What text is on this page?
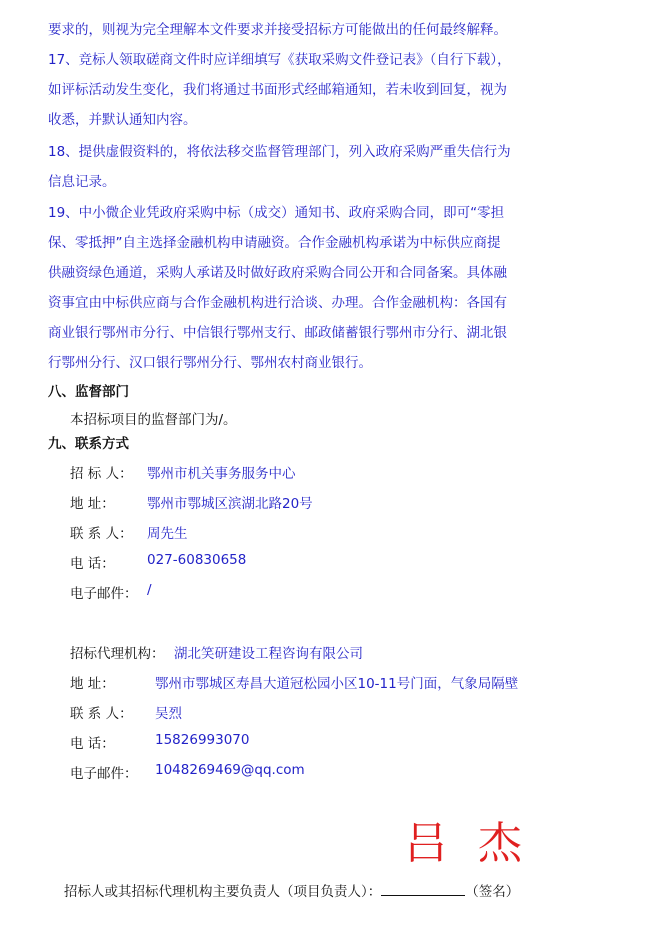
要求的，则视为完全理解本文件要求并接受招标方可能做出的任何最终解释。
17、竞标人领取磋商文件时应详细填写《获取采购文件登记表》（自行下载），
如评标活动发生变化，我们将通过书面形式经邮箱通知，若未收到回复，视为
收悉，并默认通知内容。
18、提供虚假资料的，将依法移交监督管理部门，列入政府采购严重失信行为
信息记录。
19、中小微企业凭政府采购中标（成交）通知书、政府采购合同，即可“零担
保、零抵押”自主选择金融机构申请融资。合作金融机构承诺为中标供应商提
供融资绿色通道，采购人承诺及时做好政府采购合同公开和合同备案。具体融
资事宜由中标供应商与合作金融机构进行洽谈、办理。合作金融机构：各国有
商业银行鄂州市分行、中信银行鄂州支行、邮政储蓄银行鄂州市分行、湖北银
行鄂州分行、汉口银行鄂州分行、鄂州农村商业银行。
八、监督部门
本招标项目的监督部门为/。
九、联系方式
招 标 人： 鄂州市机关事务服务中心
地 址： 鄂州市鄂城区滨湖北路20号
联 系 人： 周先生
电 话： 027-60830658
电子邮件： /
招标代理机构： 湖北笑研建设工程咨询有限公司
地 址：	鄂州市鄂城区寿昌大道冠松园小区10-11号门面，气象局隔壁
联 系 人： 吴烈
电 话：	15826993070
电子邮件： 1048269469@qq.com
吕 杰
招标人或其招标代理机构主要负责人（项目负责人）：	（签名）
